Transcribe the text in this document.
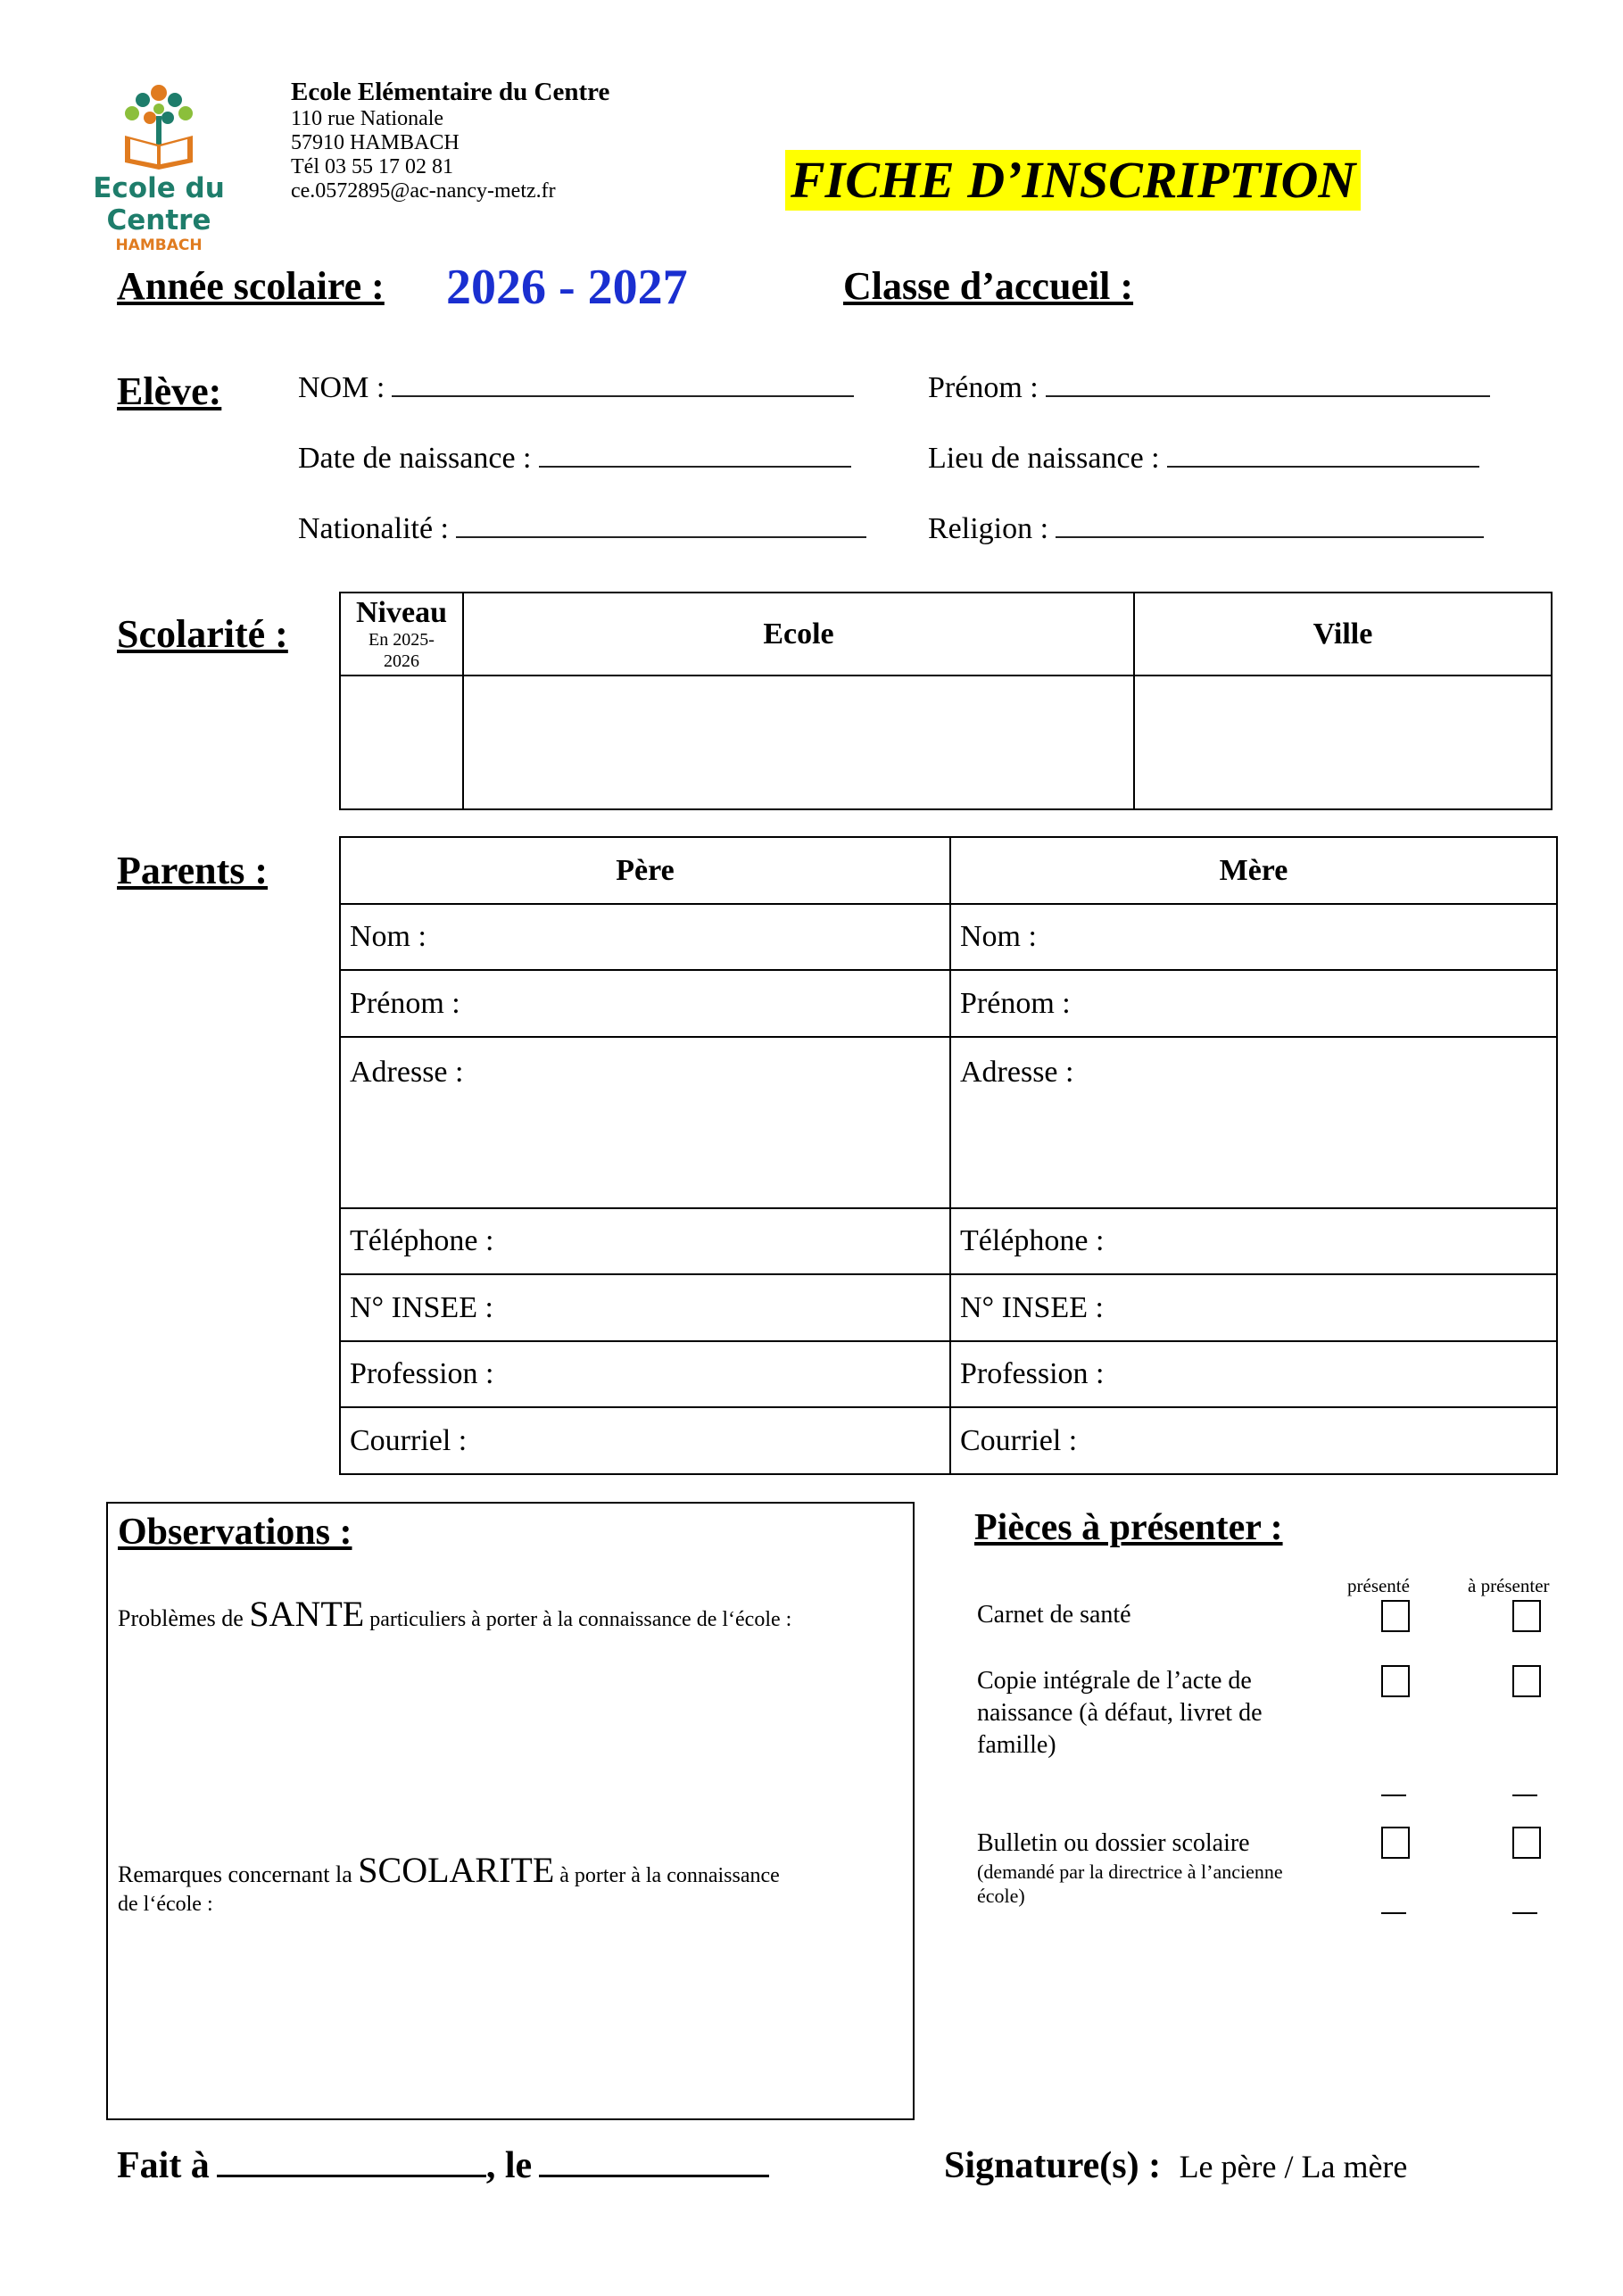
Ecole du Centre
HAMBACH
Ecole Elémentaire du Centre
110 rue Nationale
57910 HAMBACH
Tél 03 55 17 02 81
ce.0572895@ac-nancy-metz.fr	FICHE D’INSCRIPTION
Année scolaire : 2026 - 2027	Classe d’accueil :
Elève:	NOM :	Prénom :
Date de naissance :	Lieu de naissance :
Nationalité :	Religion :
Scolarité :	Niveau
En 2025-
2026	Ecole	Ville

Parents :	Père	Mère
Nom :	Nom :
Prénom :	Prénom :
Adresse :	Adresse :
Téléphone :	Téléphone :
N° INSEE :	N° INSEE :
Profession :	Profession :
Courriel :	Courriel :
Observations :
Problèmes de SANTE particuliers à porter à la connaissance de l‘école :
Remarques concernant la SCOLARITE à porter à la connaissance
de l‘école :
Pièces à présenter :
présenté	à présenter
Carnet de santé
Copie intégrale de l’acte de
naissance (à défaut, livret de
famille)
Bulletin ou dossier scolaire
(demandé par la directrice à l’ancienne
école)
Fait à	, le	Signature(s) : Le père / La mère
